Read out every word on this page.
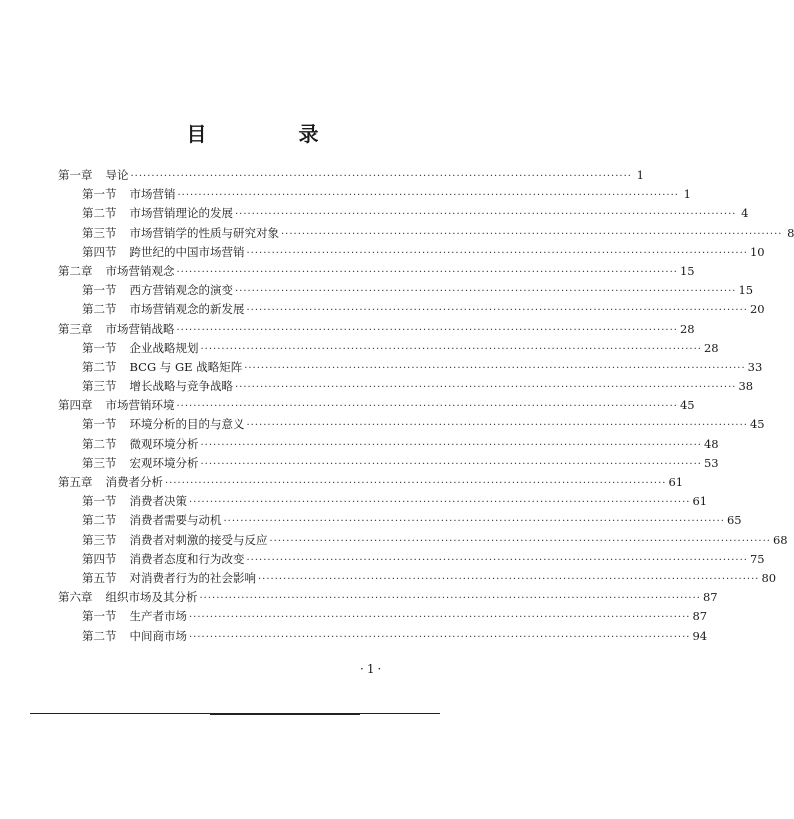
目　录
第一章 导论 ························································································································ 1
第一节 市场营销 ························································································································ 1
第二节 市场营销理论的发展 ························································································································ 4
第三节 市场营销学的性质与研究对象 ························································································································ 8
第四节 跨世纪的中国市场营销 ························································································································ 10
第二章 市场营销观念 ························································································································ 15
第一节 西方营销观念的演变 ························································································································ 15
第二节 市场营销观念的新发展 ························································································································ 20
第三章 市场营销战略 ························································································································ 28
第一节 企业战略规划 ························································································································ 28
第二节 BCG 与 GE 战略矩阵 ························································································································ 33
第三节 增长战略与竞争战略 ························································································································ 38
第四章 市场营销环境 ························································································································ 45
第一节 环境分析的目的与意义 ························································································································ 45
第二节 微观环境分析 ························································································································ 48
第三节 宏观环境分析 ························································································································ 53
第五章 消费者分析 ························································································································ 61
第一节 消费者决策 ························································································································ 61
第二节 消费者需要与动机 ························································································································ 65
第三节 消费者对刺激的接受与反应 ························································································································ 68
第四节 消费者态度和行为改变 ························································································································ 75
第五节 对消费者行为的社会影响 ························································································································ 80
第六章 组织市场及其分析 ························································································································ 87
第一节 生产者市场 ························································································································ 87
第二节 中间商市场 ························································································································ 94
·1·
